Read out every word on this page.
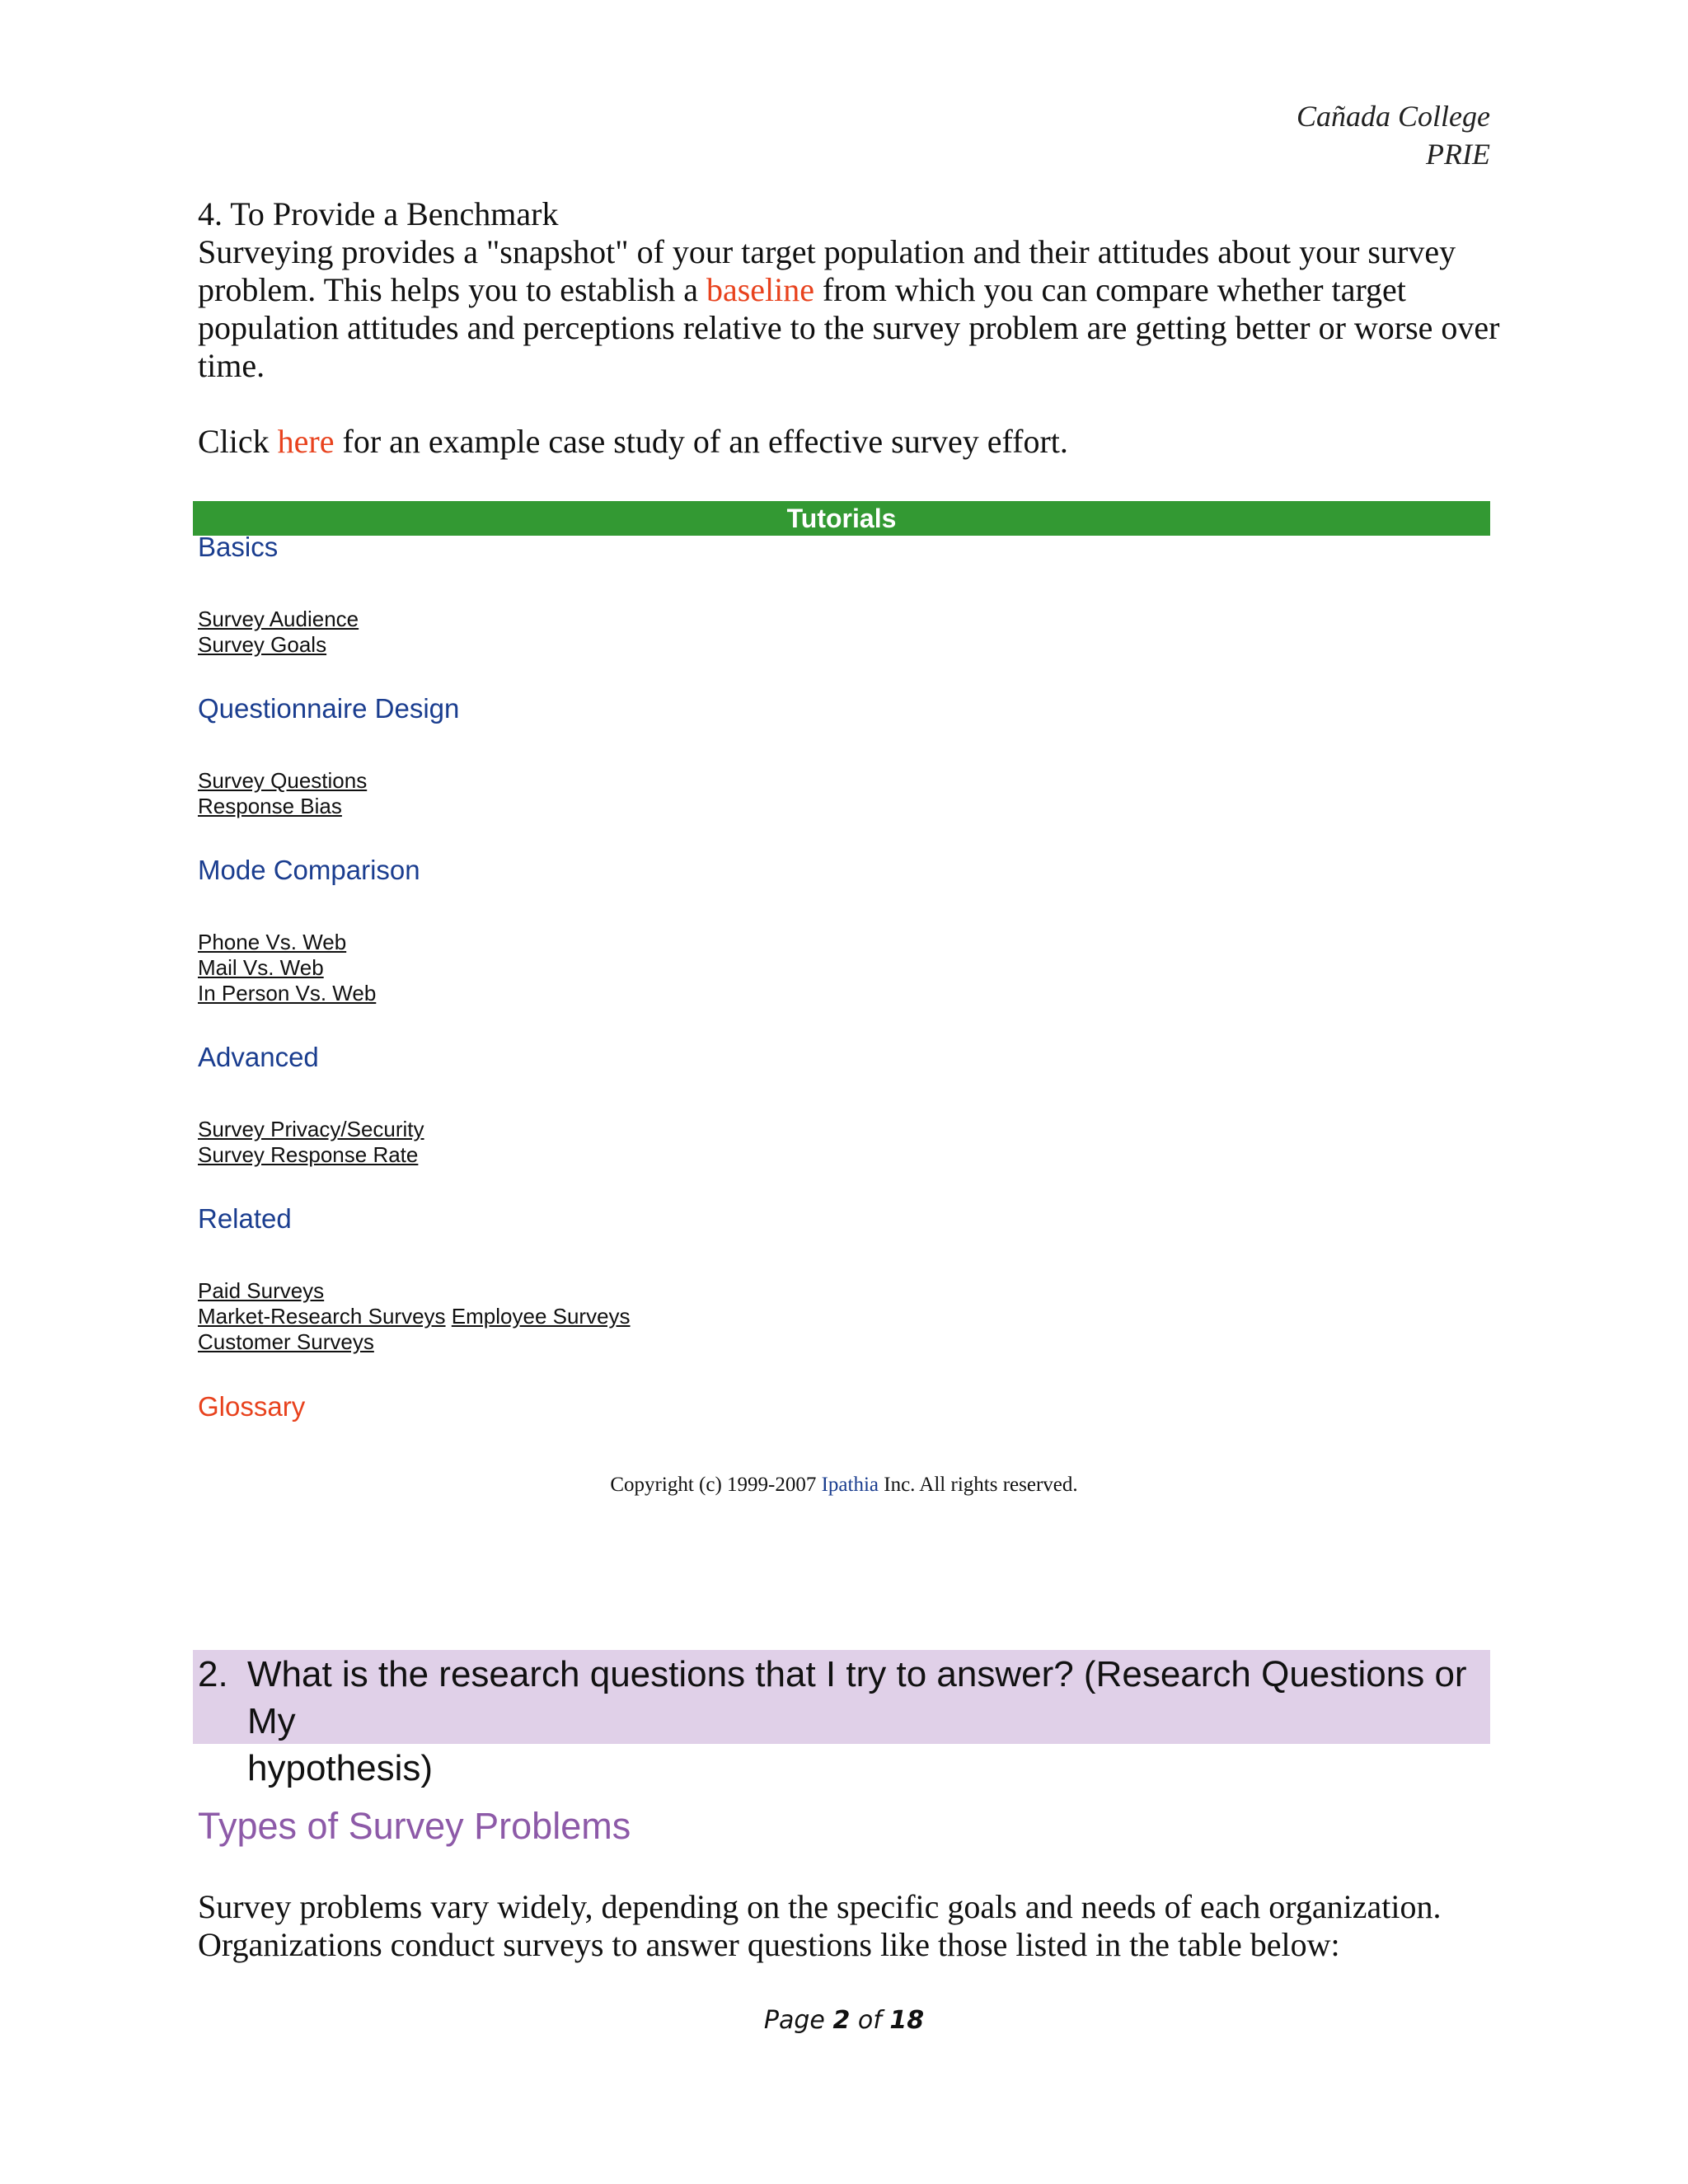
Cañada College
PRIE

4. To Provide a Benchmark

Surveying provides a "snapshot" of your target population and their attitudes about your survey problem. This helps you to establish a baseline from which you can compare whether target population attitudes and perceptions relative to the survey problem are getting better or worse over time.

Click here for an example case study of an effective survey effort.

Tutorials
Basics
Survey Audience
Survey Goals
Questionnaire Design
Survey Questions
Response Bias
Mode Comparison
Phone Vs. Web
Mail Vs. Web
In Person Vs. Web
Advanced
Survey Privacy/Security
Survey Response Rate
Related
Paid Surveys
Market-Research Surveys Employee Surveys
Customer Surveys
Glossary
Copyright (c) 1999-2007 Ipathia Inc. All rights reserved.
2. What is the research questions that I try to answer? (Research Questions or My
hypothesis)
Types of Survey Problems
Survey problems vary widely, depending on the specific goals and needs of each organization. Organizations conduct surveys to answer questions like those listed in the table below:
Page 2 of 18
